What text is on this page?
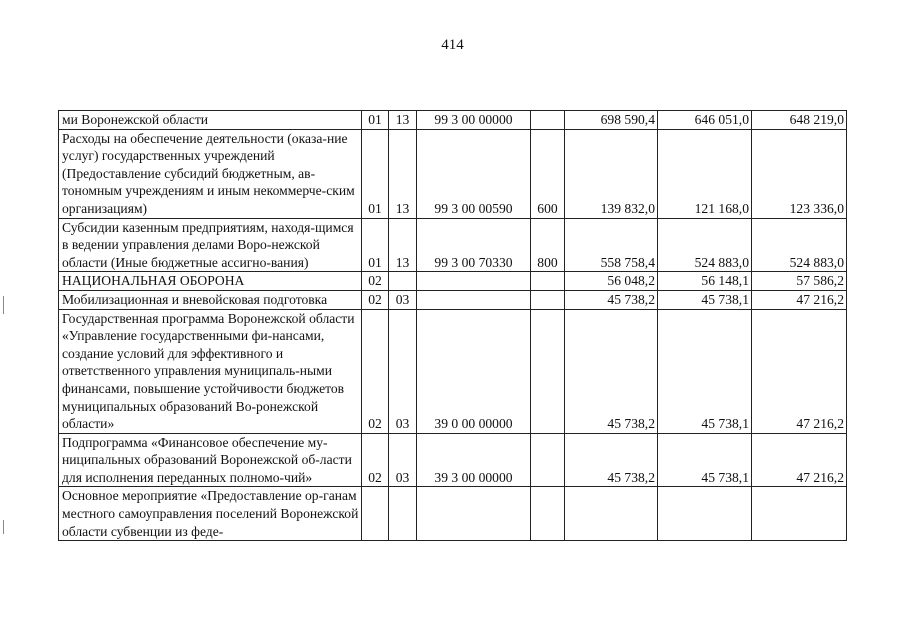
414
ми Воронежской области	01	13	99 3 00 00000		698 590,4	646 051,0	648 219,0
Расходы на обеспечение деятельности (оказа-ние услуг) государственных учреждений (Предоставление субсидий бюджетным, ав-тономным учреждениям и иным некоммерче-ским организациям)	01	13	99 3 00 00590	600	139 832,0	121 168,0	123 336,0
Субсидии казенным предприятиям, находя-щимся в ведении управления делами Воро-нежской области (Иные бюджетные ассигно-вания)	01	13	99 3 00 70330	800	558 758,4	524 883,0	524 883,0
НАЦИОНАЛЬНАЯ ОБОРОНА	02				56 048,2	56 148,1	57 586,2
Мобилизационная и вневойсковая подготовка	02	03			45 738,2	45 738,1	47 216,2
Государственная программа Воронежской области «Управление государственными фи-нансами, создание условий для эффективного и ответственного управления муниципаль-ными финансами, повышение устойчивости бюджетов муниципальных образований Во-ронежской области»	02	03	39 0 00 00000		45 738,2	45 738,1	47 216,2
Подпрограмма «Финансовое обеспечение му-ниципальных образований Воронежской об-ласти для исполнения переданных полномо-чий»	02	03	39 3 00 00000		45 738,2	45 738,1	47 216,2
Основное мероприятие «Предоставление ор-ганам местного самоуправления поселений Воронежской области субвенции из феде-							
